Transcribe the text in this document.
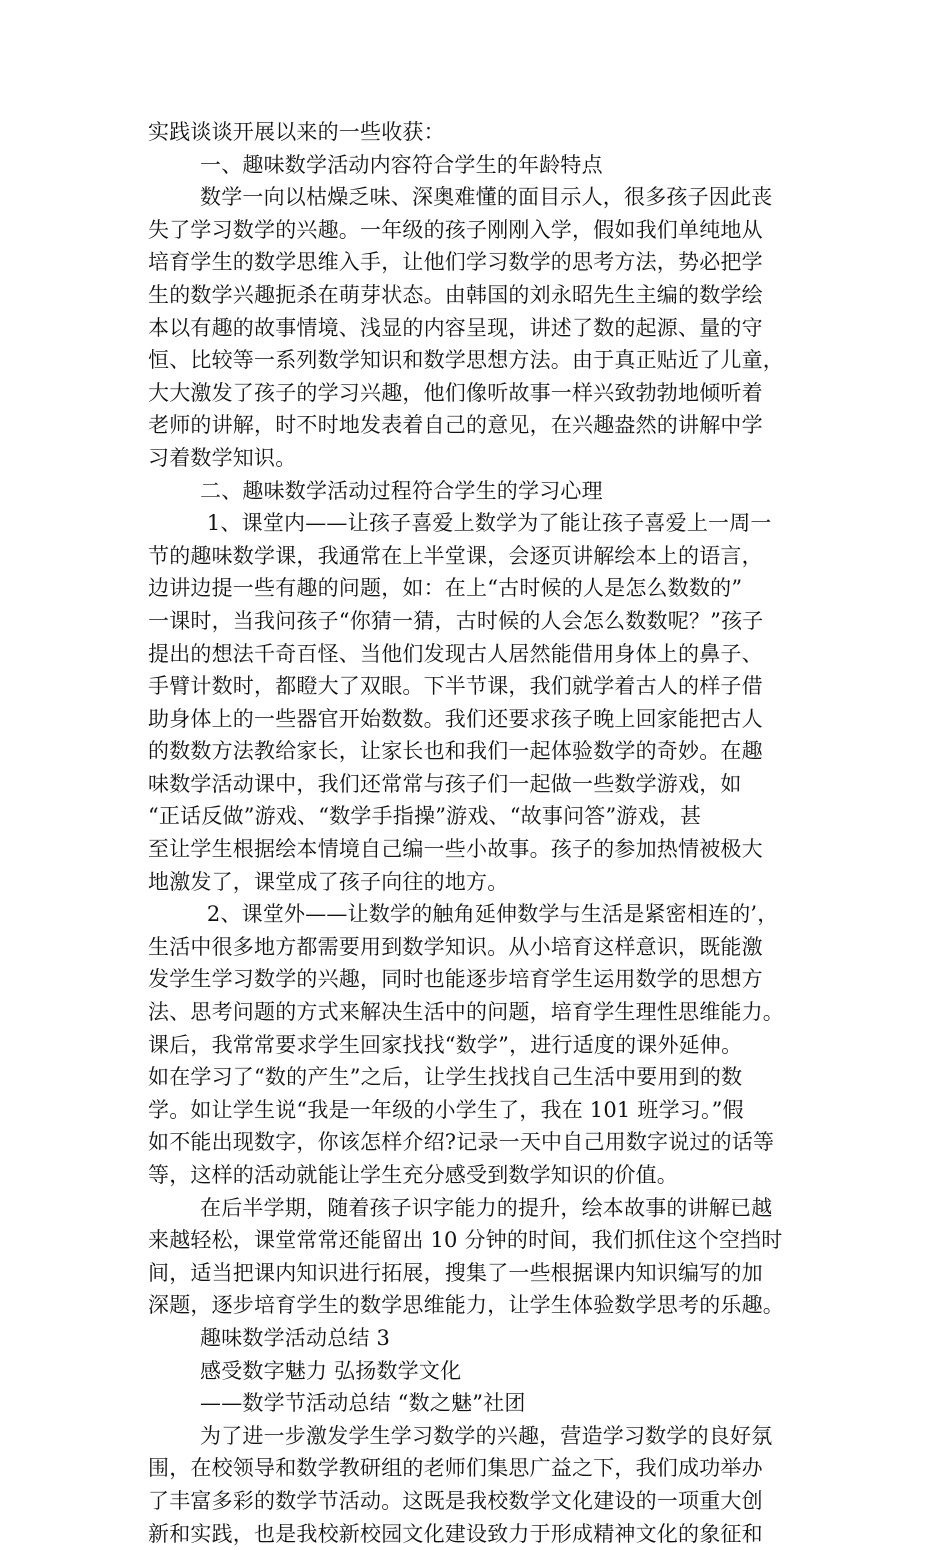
实践谈谈开展以来的一些收获：
一、趣味数学活动内容符合学生的年龄特点
数学一向以枯燥乏味、深奥难懂的面目示人，很多孩子因此丧
失了学习数学的兴趣。一年级的孩子刚刚入学，假如我们单纯地从
培育学生的数学思维入手，让他们学习数学的思考方法，势必把学
生的数学兴趣扼杀在萌芽状态。由韩国的刘永昭先生主编的数学绘
本以有趣的故事情境、浅显的内容呈现，讲述了数的起源、量的守
恒、比较等一系列数学知识和数学思想方法。由于真正贴近了儿童，
大大激发了孩子的学习兴趣，他们像听故事一样兴致勃勃地倾听着
老师的讲解，时不时地发表着自己的意见，在兴趣盎然的讲解中学
习着数学知识。
二、趣味数学活动过程符合学生的学习心理
1、课堂内——让孩子喜爱上数学为了能让孩子喜爱上一周一
节的趣味数学课，我通常在上半堂课，会逐页讲解绘本上的语言，
边讲边提一些有趣的问题，如：在上“古时候的人是怎么数数的”
一课时，当我问孩子“你猜一猜，古时候的人会怎么数数呢？”孩子
提出的想法千奇百怪、当他们发现古人居然能借用身体上的鼻子、
手臂计数时，都瞪大了双眼。下半节课，我们就学着古人的样子借
助身体上的一些器官开始数数。我们还要求孩子晚上回家能把古人
的数数方法教给家长，让家长也和我们一起体验数学的奇妙。在趣
味数学活动课中，我们还常常与孩子们一起做一些数学游戏，如
“正话反做”游戏、“数学手指操”游戏、“故事问答”游戏，甚
至让学生根据绘本情境自己编一些小故事。孩子的参加热情被极大
地激发了，课堂成了孩子向往的地方。
2、课堂外——让数学的触角延伸数学与生活是紧密相连的’，
生活中很多地方都需要用到数学知识。从小培育这样意识，既能激
发学生学习数学的兴趣，同时也能逐步培育学生运用数学的思想方
法、思考问题的方式来解决生活中的问题，培育学生理性思维能力。
课后，我常常要求学生回家找找“数学”，进行适度的课外延伸。
如在学习了“数的产生”之后，让学生找找自己生活中要用到的数
学。如让学生说“我是一年级的小学生了，我在 101 班学习。”假
如不能出现数字，你该怎样介绍?记录一天中自己用数字说过的话等
等，这样的活动就能让学生充分感受到数学知识的价值。
在后半学期，随着孩子识字能力的提升，绘本故事的讲解已越
来越轻松，课堂常常还能留出 10 分钟的时间，我们抓住这个空挡时
间，适当把课内知识进行拓展，搜集了一些根据课内知识编写的加
深题，逐步培育学生的数学思维能力，让学生体验数学思考的乐趣。
趣味数学活动总结 3
感受数字魅力 弘扬数学文化
——数学节活动总结 “数之魅”社团
为了进一步激发学生学习数学的兴趣，营造学习数学的良好氛
围，在校领导和数学教研组的老师们集思广益之下，我们成功举办
了丰富多彩的数学节活动。这既是我校数学文化建设的一项重大创
新和实践，也是我校新校园文化建设致力于形成精神文化的象征和
